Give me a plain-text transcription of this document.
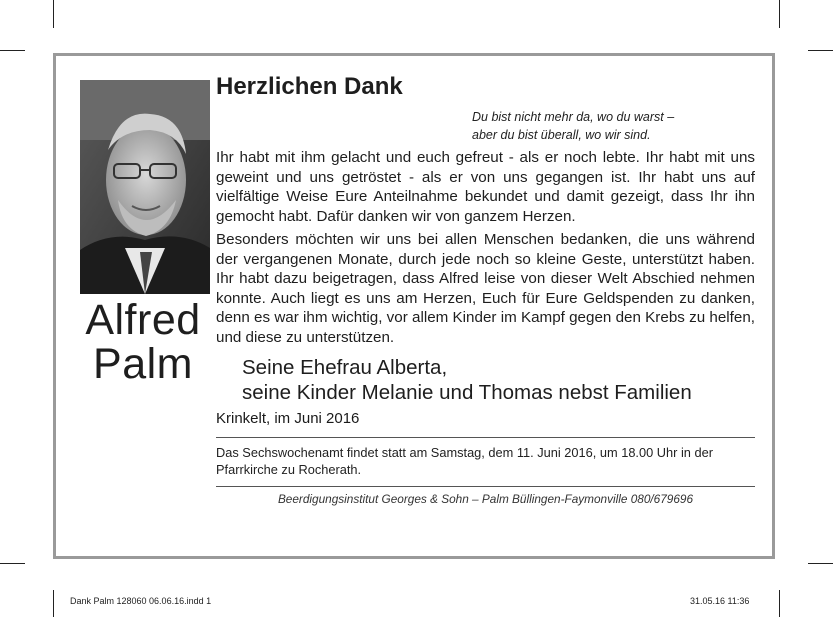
Alfred
Palm
Herzlichen Dank
Du bist nicht mehr da, wo du warst –
aber du bist überall, wo wir sind.

Ihr habt mit ihm gelacht und euch gefreut - als er noch lebte. Ihr habt mit uns geweint und uns getröstet - als er von uns gegangen ist. Ihr habt uns auf vielfältige Weise Eure Anteilnahme bekundet und damit gezeigt, dass Ihr ihn gemocht habt. Dafür danken wir von ganzem Herzen.

Besonders möchten wir uns bei allen Menschen bedanken, die uns während der vergangenen Monate, durch jede noch so kleine Geste, unterstützt haben. Ihr habt dazu beigetragen, dass Alfred leise von dieser Welt Abschied nehmen konnte. Auch liegt es uns am Herzen, Euch für Eure Geldspenden zu danken, denn es war ihm wichtig, vor allem Kinder im Kampf gegen den Krebs zu helfen, und diese zu unterstützen.

Seine Ehefrau Alberta,
seine Kinder Melanie und Thomas nebst Familien
Krinkelt, im Juni 2016
Das Sechswochenamt findet statt am Samstag, dem 11. Juni 2016, um 18.00 Uhr in der Pfarrkirche zu Rocherath.
Beerdigungsinstitut Georges & Sohn – Palm Büllingen-Faymonville 080/679696
Dank Palm 128060 06.06.16.indd 1	31.05.16 11:36
